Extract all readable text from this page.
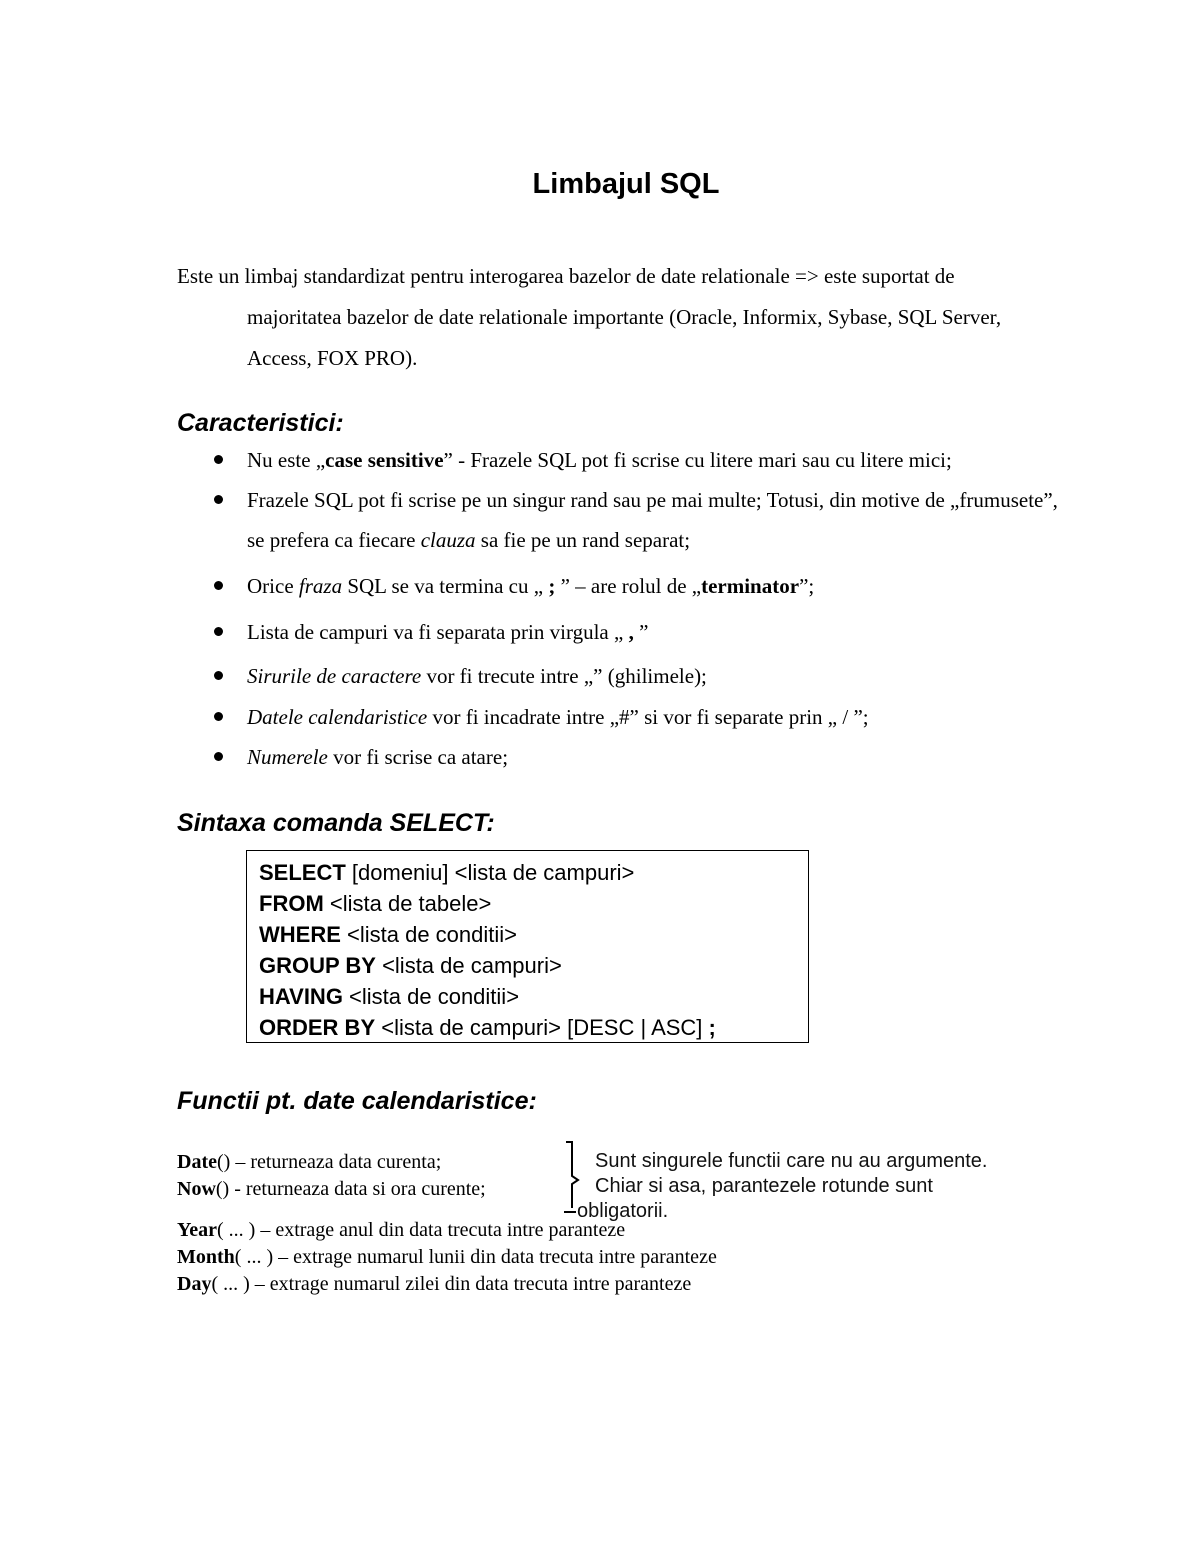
Limbajul SQL
Este un limbaj standardizat pentru interogarea bazelor de date relationale => este suportat de
majoritatea bazelor de date relationale importante (Oracle, Informix, Sybase, SQL Server, Access, FOX PRO).
Caracteristici:
Nu este „case sensitive” - Frazele SQL pot fi scrise cu litere mari sau cu litere mici;
Frazele SQL pot fi scrise pe un singur rand sau pe mai multe; Totusi, din motive de „frumusete”, se prefera ca fiecare clauza sa fie pe un rand separat;
Orice fraza SQL se va termina cu „ ; ” – are rolul de „terminator”;
Lista de campuri va fi separata prin virgula „ , ”
Sirurile de caractere vor fi trecute intre „” (ghilimele);
Datele calendaristice vor fi incadrate intre „#” si vor fi separate prin „ / ”;
Numerele vor fi scrise ca atare;
Sintaxa comanda SELECT:
SELECT [domeniu] <lista de campuri>
FROM <lista de tabele>
WHERE <lista de conditii>
GROUP BY <lista de campuri>
HAVING <lista de conditii>
ORDER BY <lista de campuri> [DESC | ASC] ;
Functii pt. date calendaristice:
Date() – returneaza data curenta;
Now() - returneaza data si ora curente;
Sunt singurele functii care nu au argumente.
Chiar si asa, parantezele rotunde sunt
obligatorii.
Year( ... ) – extrage anul din data trecuta intre paranteze
Month( ... ) – extrage numarul lunii din data trecuta intre paranteze
Day( ... ) – extrage numarul zilei din data trecuta intre paranteze
